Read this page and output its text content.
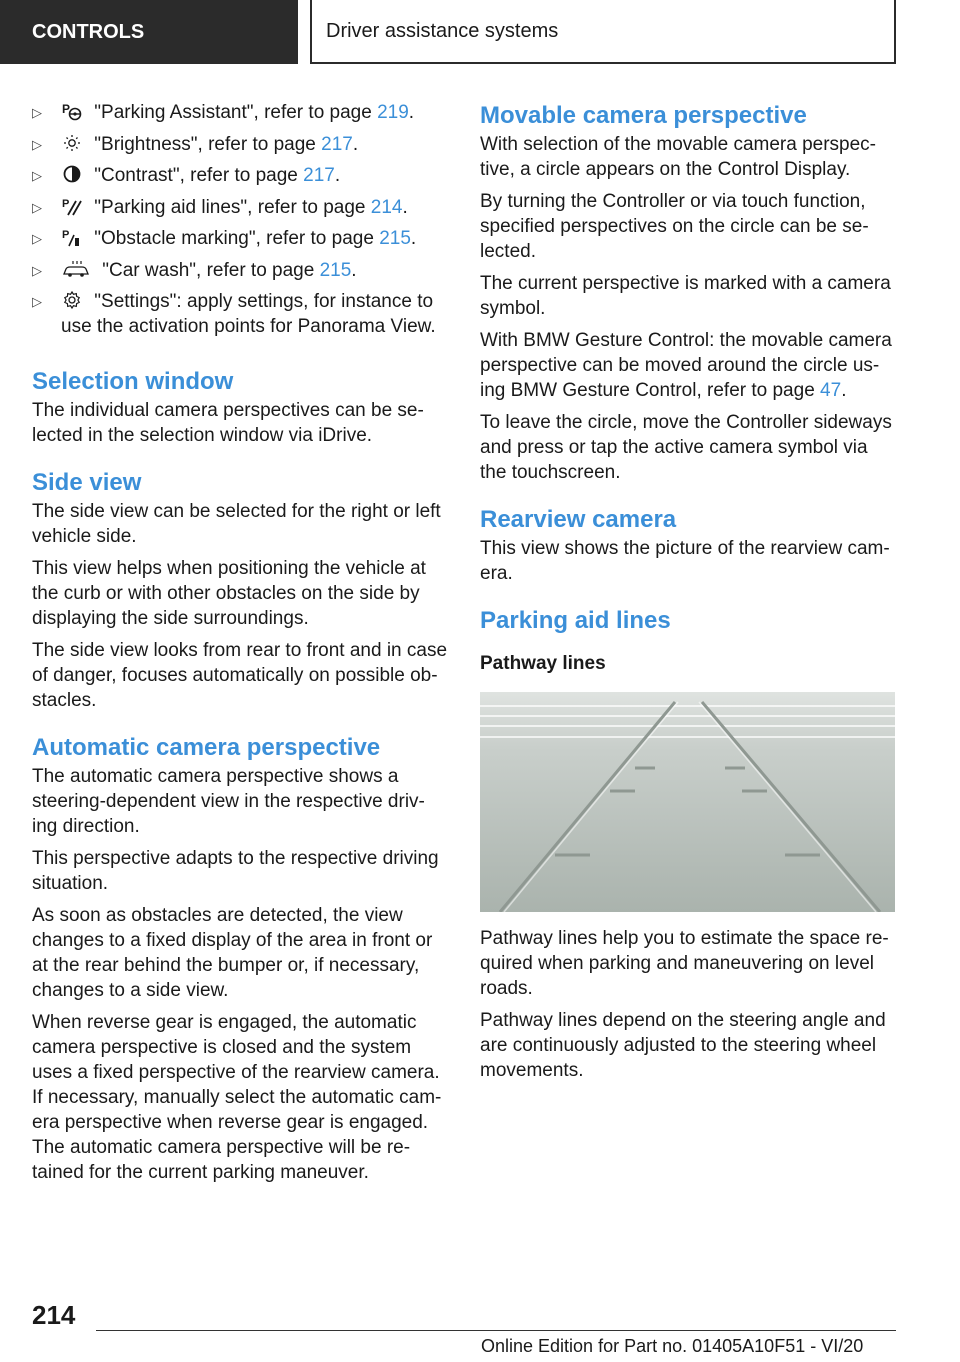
CONTROLS	Driver assistance systems
▷ P "Parking Assistant", refer to page 219.
▷ "Brightness", refer to page 217.
▷ "Contrast", refer to page 217.
▷ P "Parking aid lines", refer to page 214.
▷ P "Obstacle marking", refer to page 215.
▷	"Car wash", refer to page 215.
▷ "Settings": apply settings, for instance to use the activation points for Panorama View.
Selection window

The individual camera perspectives can be se-lected in the selection window via iDrive.

Side view

The side view can be selected for the right or left vehicle side.

This view helps when positioning the vehicle at the curb or with other obstacles on the side by displaying the side surroundings.

The side view looks from rear to front and in case of danger, focuses automatically on possible ob-stacles.

Automatic camera perspective

The automatic camera perspective shows a steering-dependent view in the respective driv-ing direction.

This perspective adapts to the respective driving situation.

As soon as obstacles are detected, the view changes to a fixed display of the area in front or at the rear behind the bumper or, if necessary, changes to a side view.

When reverse gear is engaged, the automatic camera perspective is closed and the system uses a fixed perspective of the rearview camera. If necessary, manually select the automatic cam-era perspective when reverse gear is engaged. The automatic camera perspective will be re-tained for the current parking maneuver.

Movable camera perspective

With selection of the movable camera perspec-tive, a circle appears on the Control Display.

By turning the Controller or via touch function, specified perspectives on the circle can be se-lected.

The current perspective is marked with a camera symbol.

With BMW Gesture Control: the movable camera perspective can be moved around the circle us-ing BMW Gesture Control, refer to page 47.

To leave the circle, move the Controller sideways and press or tap the active camera symbol via the touchscreen.

Rearview camera

This view shows the picture of the rearview cam-era.

Parking aid lines
Pathway lines

Pathway lines help you to estimate the space re-quired when parking and maneuvering on level roads.

Pathway lines depend on the steering angle and are continuously adjusted to the steering wheel movements.

214
Online Edition for Part no. 01405A10F51 - VI/20
